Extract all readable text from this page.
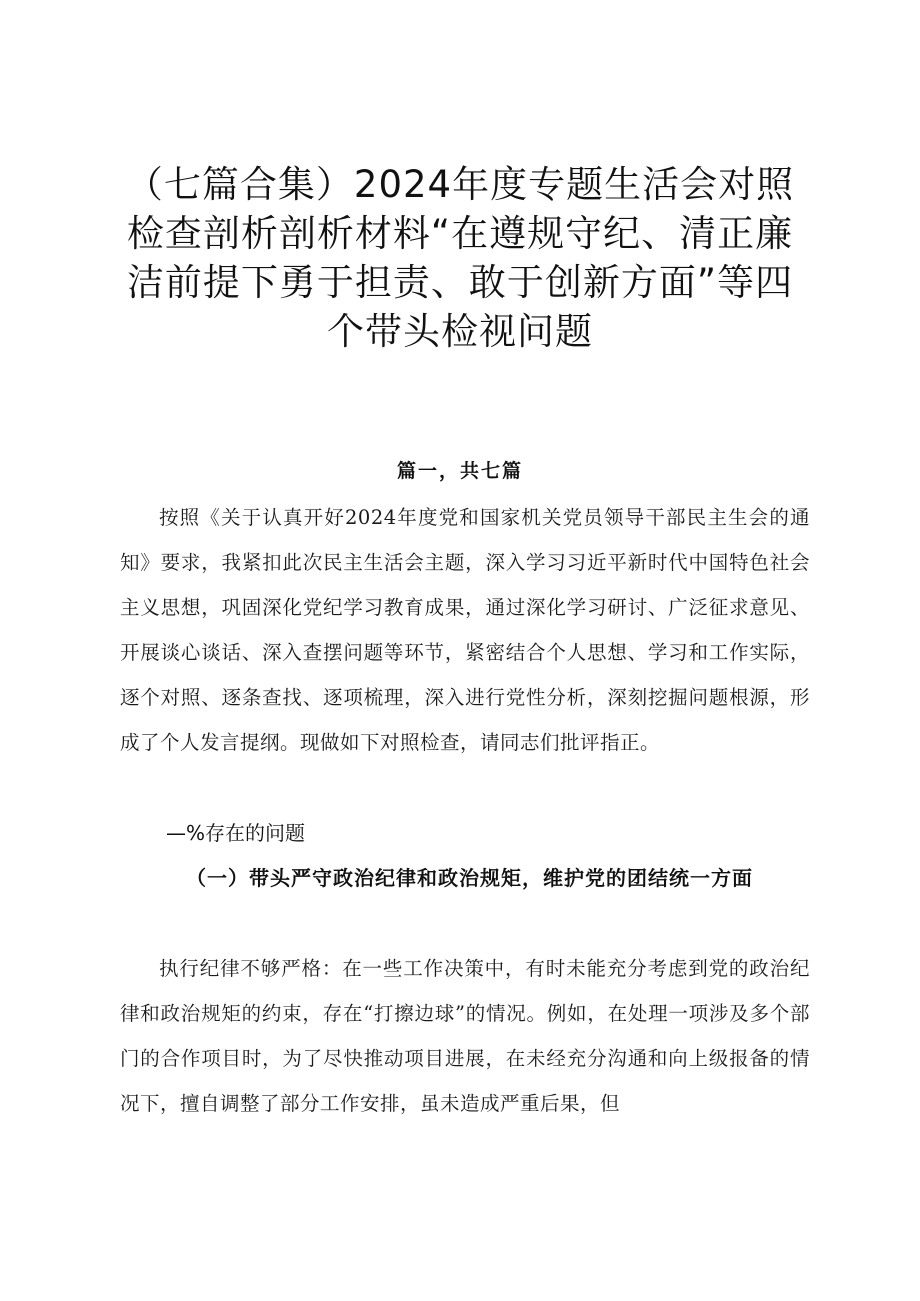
（七篇合集）2024年度专题生活会对照检查剖析剖析材料“在遵规守纪、清正廉洁前提下勇于担责、敢于创新方面”等四个带头检视问题
篇一，共七篇

按照《关于认真开好2024年度党和国家机关党员领导干部民主生会的通知》要求，我紧扣此次民主生活会主题，深入学习习近平新时代中国特色社会主义思想，巩固深化党纪学习教育成果，通过深化学习研讨、广泛征求意见、开展谈心谈话、深入查摆问题等环节，紧密结合个人思想、学习和工作实际，逐个对照、逐条查找、逐项梳理，深入进行党性分析，深刻挖掘问题根源，形成了个人发言提纲。现做如下对照检查，请同志们批评指正。

—%存在的问题
（一）带头严守政治纪律和政治规矩，维护党的团结统一方面

执行纪律不够严格：在一些工作决策中，有时未能充分考虑到党的政治纪律和政治规矩的约束，存在“打擦边球”的情况。例如，在处理一项涉及多个部门的合作项目时，为了尽快推动项目进展，在未经充分沟通和向上级报备的情况下，擅自调整了部分工作安排，虽未造成严重后果，但
